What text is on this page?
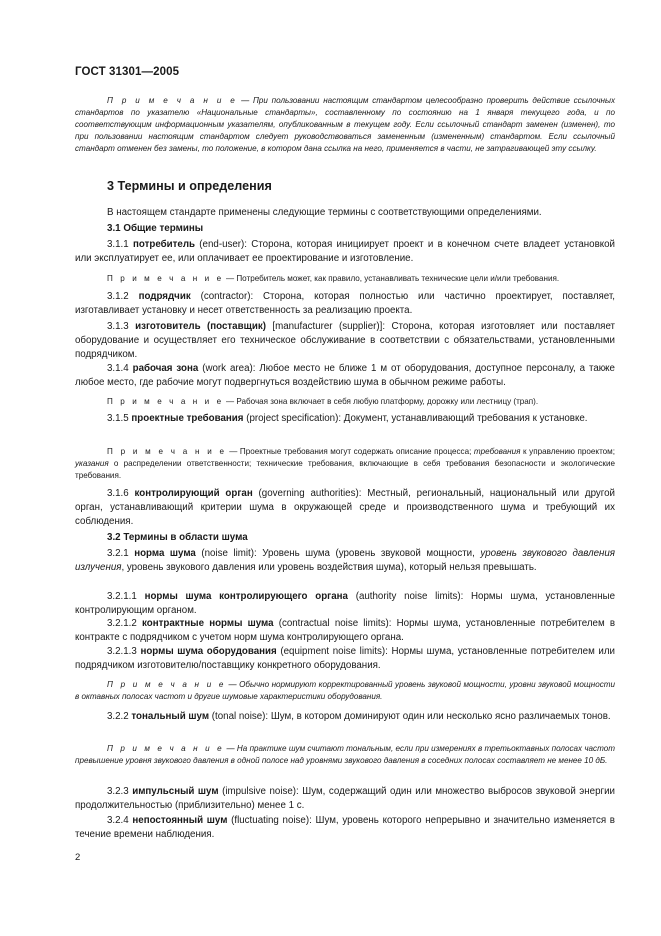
ГОСТ 31301—2005
П р и м е ч а н и е — При пользовании настоящим стандартом целесообразно проверить действие ссылочных стандартов по указателю «Национальные стандарты», составленному по состоянию на 1 января текущего года, и по соответствующим информационным указателям, опубликованным в текущем году. Если ссылочный стандарт заменен (изменен), то при пользовании настоящим стандартом следует руководствоваться замененным (измененным) стандартом. Если ссылочный стандарт отменен без замены, то положение, в котором дана ссылка на него, применяется в части, не затрагивающей эту ссылку.
3 Термины и определения
В настоящем стандарте применены следующие термины с соответствующими определениями.
3.1 Общие термины
3.1.1 потребитель (end-user): Сторона, которая инициирует проект и в конечном счете владеет установкой или эксплуатирует ее, или оплачивает ее проектирование и изготовление.
П р и м е ч а н и е — Потребитель может, как правило, устанавливать технические цели и/или требования.
3.1.2 подрядчик (contractor): Сторона, которая полностью или частично проектирует, поставляет, изготавливает установку и несет ответственность за реализацию проекта.
3.1.3 изготовитель (поставщик) [manufacturer (supplier)]: Сторона, которая изготовляет или поставляет оборудование и осуществляет его техническое обслуживание в соответствии с обязательствами, установленными подрядчиком.
3.1.4 рабочая зона (work area): Любое место не ближе 1 м от оборудования, доступное персоналу, а также любое место, где рабочие могут подвергнуться воздействию шума в обычном режиме работы.
П р и м е ч а н и е — Рабочая зона включает в себя любую платформу, дорожку или лестницу (трап).
3.1.5 проектные требования (project specification): Документ, устанавливающий требования к установке.
П р и м е ч а н и е — Проектные требования могут содержать описание процесса; требования к управлению проектом; указания о распределении ответственности; технические требования, включающие в себя требования безопасности и экологические требования.
3.1.6 контролирующий орган (governing authorities): Местный, региональный, национальный или другой орган, устанавливающий критерии шума в окружающей среде и производственного шума и требующий их соблюдения.
3.2 Термины в области шума
3.2.1 норма шума (noise limit): Уровень шума (уровень звуковой мощности, уровень звукового давления излучения, уровень звукового давления или уровень воздействия шума), который нельзя превышать.
3.2.1.1 нормы шума контролирующего органа (authority noise limits): Нормы шума, установленные контролирующим органом.
3.2.1.2 контрактные нормы шума (contractual noise limits): Нормы шума, установленные потребителем в контракте с подрядчиком с учетом норм шума контролирующего органа.
3.2.1.3 нормы шума оборудования (equipment noise limits): Нормы шума, установленные потребителем или подрядчиком изготовителю/поставщику конкретного оборудования.
П р и м е ч а н и е — Обычно нормируют корректированный уровень звуковой мощности, уровни звуковой мощности в октавных полосах частот и другие шумовые характеристики оборудования.
3.2.2 тональный шум (tonal noise): Шум, в котором доминируют один или несколько ясно различаемых тонов.
П р и м е ч а н и е — На практике шум считают тональным, если при измерениях в третьоктавных полосах частот превышение уровня звукового давления в одной полосе над уровнями звукового давления в соседних полосах составляет не менее 10 дБ.
3.2.3 импульсный шум (impulsive noise): Шум, содержащий один или множество выбросов звуковой энергии продолжительностью (приблизительно) менее 1 с.
3.2.4 непостоянный шум (fluctuating noise): Шум, уровень которого непрерывно и значительно изменяется в течение времени наблюдения.
2
